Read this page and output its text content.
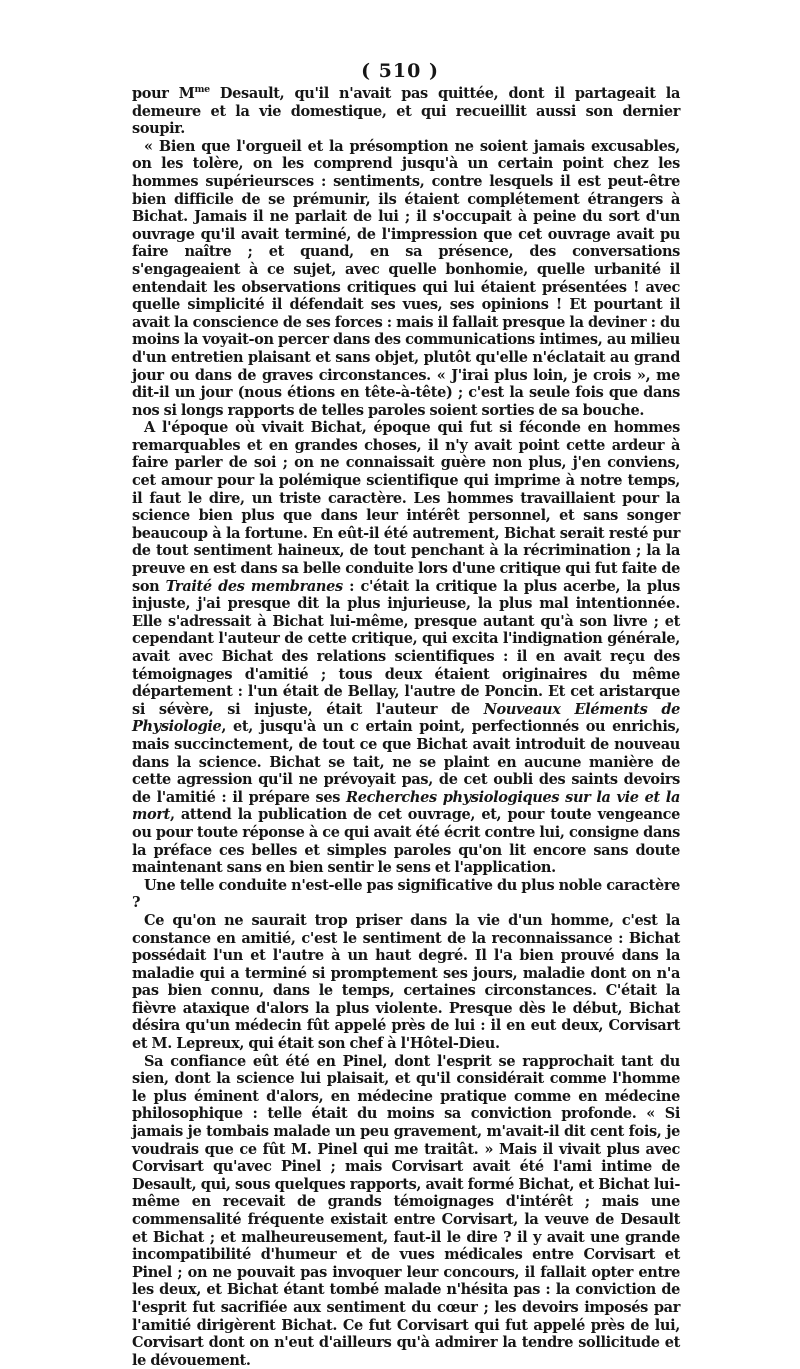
( 510 )

pour $M^{me}$ Desault, qu'il n'avait pas quittée, dont il partageait la demeure et la vie domestique, et qui recueillit aussi son dernier soupir.

« Bien que l'orgueil et la présomption ne soient jamais excusables, on les tolère, on les comprend jusqu'à un certain point chez les hommes supérieursces : sentiments, contre lesquels il est peut-être bien difficile de se prémunir, ils étaient complétement étrangers à Bichat. Jamais il ne parlait de lui ; il s'occupait à peine du sort d'un ouvrage qu'il avait terminé, de l'impression que cet ouvrage avait pu faire naître ; et quand, en sa présence, des conversations s'engageaient à ce sujet, avec quelle bonhomie, quelle urbanité il entendait les observations critiques qui lui étaient présentées ! avec quelle simplicité il défendait ses vues, ses opinions ! Et pourtant il avait la conscience de ses forces : mais il fallait presque la deviner : du moins la voyait-on percer dans des communications intimes, au milieu d'un entretien plaisant et sans objet, plutôt qu'elle n'éclatait au grand jour ou dans de graves circonstances. « J'irai plus loin, je crois », me dit-il un jour (nous étions en tête-à-tête) ; c'est la seule fois que dans nos si longs rapports de telles paroles soient sorties de sa bouche.

A l'époque où vivait Bichat, époque qui fut si féconde en hommes remarquables et en grandes choses, il n'y avait point cette ardeur à faire parler de soi ; on ne connaissait guère non plus, j'en conviens, cet amour pour la polémique scientifique qui imprime à notre temps, il faut le dire, un triste caractère. Les hommes travaillaient pour la science bien plus que dans leur intérêt personnel, et sans songer beaucoup à la fortune. En eût-il été autrement, Bichat serait resté pur de tout sentiment haineux, de tout penchant à la récrimination ; la la preuve en est dans sa belle conduite lors d'une critique qui fut faite de son Traité des membranes : c'était la critique la plus acerbe, la plus injuste, j'ai presque dit la plus injurieuse, la plus mal intentionnée. Elle s'adressait à Bichat lui-même, presque autant qu'à son livre ; et cependant l'auteur de cette critique, qui excita l'indignation générale, avait avec Bichat des relations scientifiques : il en avait reçu des témoignages d'amitié ; tous deux étaient originaires du même département : l'un était de Bellay, l'autre de Poncin. Et cet aristarque si sévère, si injuste, était l'auteur de Nouveaux Eléments de Physiologie, et, jusqu'à un c ertain point, perfectionnés ou enrichis, mais succinctement, de tout ce que Bichat avait introduit de nouveau dans la science. Bichat se tait, ne se plaint en aucune manière de cette agression qu'il ne prévoyait pas, de cet oubli des saints devoirs de l'amitié : il prépare ses Recherches physiologiques sur la vie et la mort, attend la publication de cet ouvrage, et, pour toute vengeance ou pour toute réponse à ce qui avait été écrit contre lui, consigne dans la préface ces belles et simples paroles qu'on lit encore sans doute maintenant sans en bien sentir le sens et l'application.

Une telle conduite n'est-elle pas significative du plus noble caractère ?

Ce qu'on ne saurait trop priser dans la vie d'un homme, c'est la constance en amitié, c'est le sentiment de la reconnaissance : Bichat possédait l'un et l'autre à un haut degré. Il l'a bien prouvé dans la maladie qui a terminé si promptement ses jours, maladie dont on n'a pas bien connu, dans le temps, certaines circonstances. C'était la fièvre ataxique d'alors la plus violente. Presque dès le début, Bichat désira qu'un médecin fût appelé près de lui : il en eut deux, Corvisart et M. Lepreux, qui était son chef à l'Hôtel-Dieu.

Sa confiance eût été en Pinel, dont l'esprit se rapprochait tant du sien, dont la science lui plaisait, et qu'il considérait comme l'homme le plus éminent d'alors, en médecine pratique comme en médecine philosophique : telle était du moins sa conviction profonde. « Si jamais je tombais malade un peu gravement, m'avait-il dit cent fois, je voudrais que ce fût M. Pinel qui me traitât. » Mais il vivait plus avec Corvisart qu'avec Pinel ; mais Corvisart avait été l'ami intime de Desault, qui, sous quelques rapports, avait formé Bichat, et Bichat lui-même en recevait de grands témoignages d'intérêt ; mais une commensalité fréquente existait entre Corvisart, la veuve de Desault et Bichat ; et malheureusement, faut-il le dire ? il y avait une grande incompatibilité d'humeur et de vues médicales entre Corvisart et Pinel ; on ne pouvait pas invoquer leur concours, il fallait opter entre les deux, et Bichat étant tombé malade n'hésita pas : la conviction de l'esprit fut sacrifiée aux sentiment du cœur ; les devoirs imposés par l'amitié dirigèrent Bichat. Ce fut Corvisart qui fut appelé près de lui, Corvisart dont on n'eut d'ailleurs qu'à admirer la tendre sollicitude et le dévouement.
